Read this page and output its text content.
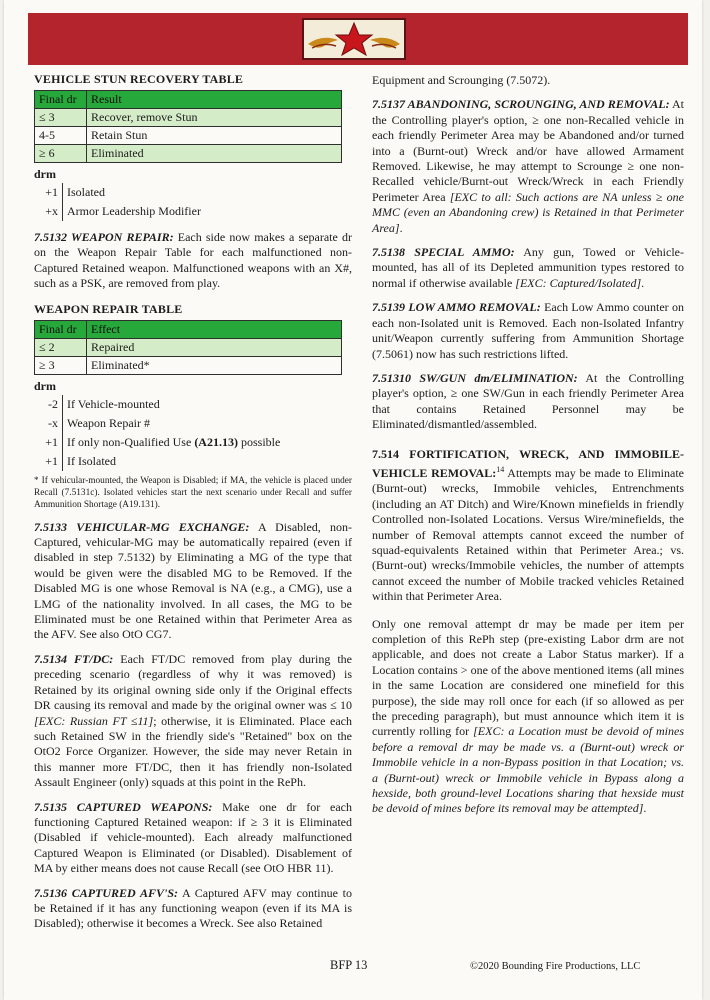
VEHICLE STUN RECOVERY TABLE
Final dr	Result
≤ 3	Recover, remove Stun
4-5	Retain Stun
≥ 6	Eliminated
drm
+1 Isolated
+x Armor Leadership Modifier

7.5132 WEAPON REPAIR: Each side now makes a separate dr on the Weapon Repair Table for each malfunctioned non-Captured Retained weapon. Malfunctioned weapons with an X#, such as a PSK, are removed from play.

WEAPON REPAIR TABLE
Final dr	Effect
≤ 2	Repaired
≥ 3	Eliminated*
drm
-2 If Vehicle-mounted
-x Weapon Repair #
+1 If only non-Qualified Use (A21.13) possible
+1 If Isolated
* If vehicular-mounted, the Weapon is Disabled; if MA, the vehicle is placed under Recall (7.5131c). Isolated vehicles start the next scenario under Recall and suffer Ammunition Shortage (A19.131).

7.5133 VEHICULAR-MG EXCHANGE: A Disabled, non-Captured, vehicular-MG may be automatically repaired (even if disabled in step 7.5132) by Eliminating a MG of the type that would be given were the disabled MG to be Removed. If the Disabled MG is one whose Removal is NA (e.g., a CMG), use a LMG of the nationality involved. In all cases, the MG to be Eliminated must be one Retained within that Perimeter Area as the AFV. See also OtO CG7.

7.5134 FT/DC: Each FT/DC removed from play during the preceding scenario (regardless of why it was removed) is Retained by its original owning side only if the Original effects DR causing its removal and made by the original owner was ≤ 10 [EXC: Russian FT ≤11]; otherwise, it is Eliminated. Place each such Retained SW in the friendly side's "Retained" box on the OtO2 Force Organizer. However, the side may never Retain in this manner more FT/DC, then it has friendly non-Isolated Assault Engineer (only) squads at this point in the RePh.

7.5135 CAPTURED WEAPONS: Make one dr for each functioning Captured Retained weapon: if ≥ 3 it is Eliminated (Disabled if vehicle-mounted). Each already malfunctioned Captured Weapon is Eliminated (or Disabled). Disablement of MA by either means does not cause Recall (see OtO HBR 11).

7.5136 CAPTURED AFV'S: A Captured AFV may continue to be Retained if it has any functioning weapon (even if its MA is Disabled); otherwise it becomes a Wreck. See also Retained

Equipment and Scrounging (7.5072).

7.5137 ABANDONING, SCROUNGING, AND REMOVAL: At the Controlling player's option, ≥ one non-Recalled vehicle in each friendly Perimeter Area may be Abandoned and/or turned into a (Burnt-out) Wreck and/or have allowed Armament Removed. Likewise, he may attempt to Scrounge ≥ one non-Recalled vehicle/Burnt-out Wreck/Wreck in each Friendly Perimeter Area [EXC to all: Such actions are NA unless ≥ one MMC (even an Abandoning crew) is Retained in that Perimeter Area].

7.5138 SPECIAL AMMO: Any gun, Towed or Vehicle-mounted, has all of its Depleted ammunition types restored to normal if otherwise available [EXC: Captured/Isolated].

7.5139 LOW AMMO REMOVAL: Each Low Ammo counter on each non-Isolated unit is Removed. Each non-Isolated Infantry unit/Weapon currently suffering from Ammunition Shortage (7.5061) now has such restrictions lifted.

7.51310 SW/GUN dm/ELIMINATION: At the Controlling player's option, ≥ one SW/Gun in each friendly Perimeter Area that contains Retained Personnel may be Eliminated/dismantled/assembled.

7.514 FORTIFICATION, WRECK, AND IMMOBILE-VEHICLE REMOVAL:$^{14}$ Attempts may be made to Eliminate (Burnt-out) wrecks, Immobile vehicles, Entrenchments (including an AT Ditch) and Wire/Known minefields in friendly Controlled non-Isolated Locations. Versus Wire/minefields, the number of Removal attempts cannot exceed the number of squad-equivalents Retained within that Perimeter Area.; vs. (Burnt-out) wrecks/Immobile vehicles, the number of attempts cannot exceed the number of Mobile tracked vehicles Retained within that Perimeter Area.

Only one removal attempt dr may be made per item per completion of this RePh step (pre-existing Labor drm are not applicable, and does not create a Labor Status marker). If a Location contains > one of the above mentioned items (all mines in the same Location are considered one minefield for this purpose), the side may roll once for each (if so allowed as per the preceding paragraph), but must announce which item it is currently rolling for [EXC: a Location must be devoid of mines before a removal dr may be made vs. a (Burnt-out) wreck or Immobile vehicle in a non-Bypass position in that Location; vs. a (Burnt-out) wreck or Immobile vehicle in Bypass along a hexside, both ground-level Locations sharing that hexside must be devoid of mines before its removal may be attempted].

BFP 13	©2020 Bounding Fire Productions, LLC
